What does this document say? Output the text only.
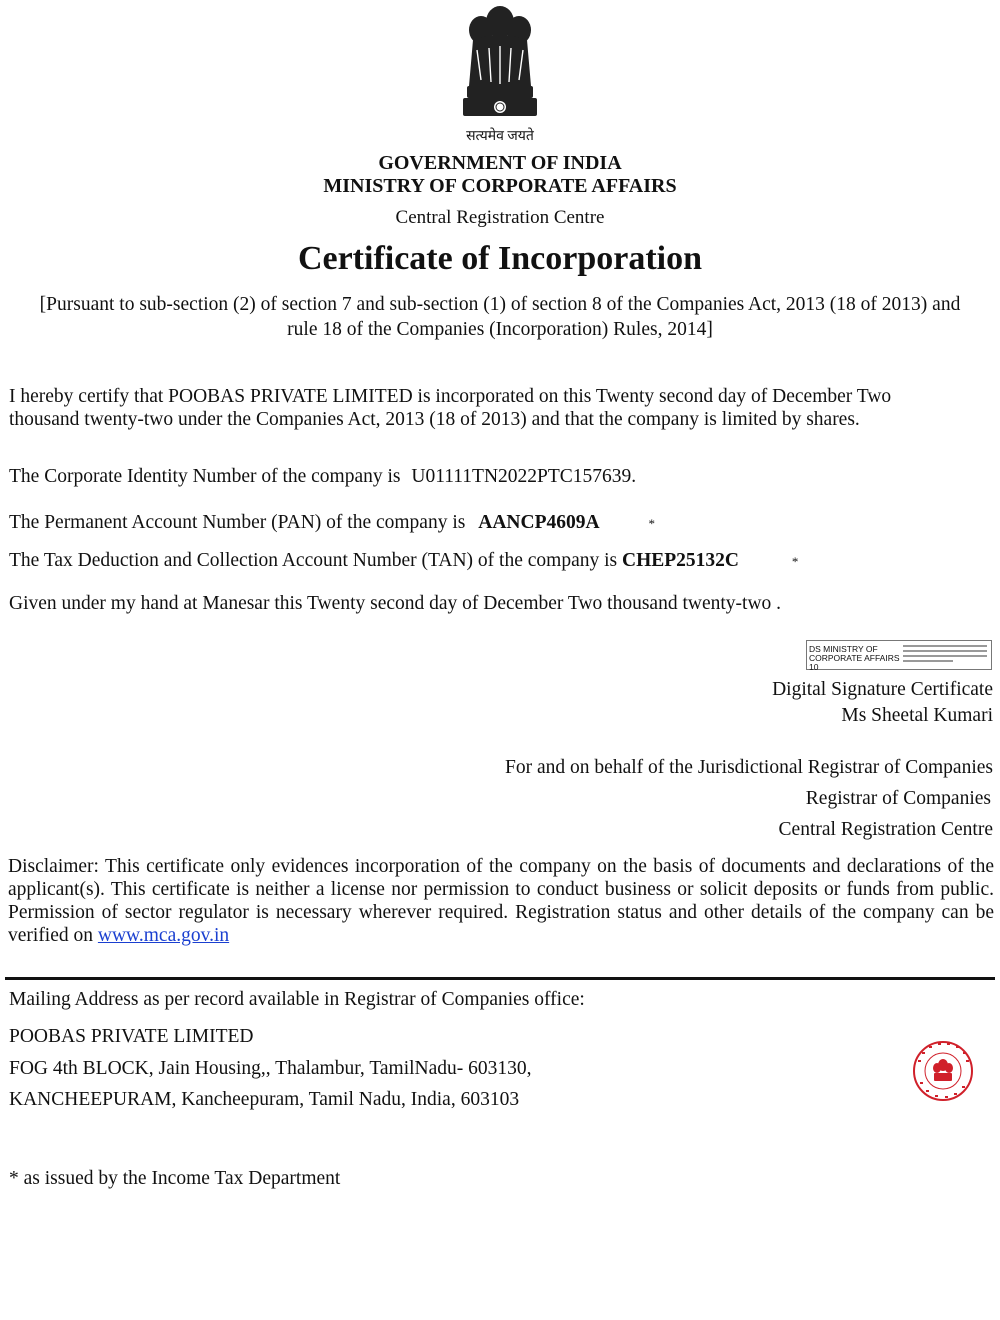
सत्यमेव जयते
GOVERNMENT OF INDIA
MINISTRY OF CORPORATE AFFAIRS
Central Registration Centre
Certificate of Incorporation
[Pursuant to sub-section (2) of section 7 and sub-section (1) of section 8 of the Companies Act, 2013 (18 of 2013) and
rule 18 of the Companies (Incorporation) Rules, 2014]
I hereby certify that POOBAS PRIVATE LIMITED is incorporated on this Twenty second day of December Two
thousand twenty-two under the Companies Act, 2013 (18 of 2013) and that the company is limited by shares.
The Corporate Identity Number of the company is U01111TN2022PTC157639.
The Permanent Account Number (PAN) of the company is AANCP4609A	*
The Tax Deduction and Collection Account Number (TAN) of the company is CHEP25132C	*
Given under my hand at Manesar this Twenty second day of December Two thousand twenty-two .
DS MINISTRY OF
CORPORATE AFFAIRS 10
Digital Signature Certificate
Ms Sheetal Kumari
For and on behalf of the Jurisdictional Registrar of Companies
Registrar of Companies
Central Registration Centre
Disclaimer: This certificate only evidences incorporation of the company on the basis of documents and declarations of the applicant(s). This certificate is neither a license nor permission to conduct business or solicit deposits or funds from public. Permission of sector regulator is necessary wherever required. Registration status and other details of the company can be verified on www.mca.gov.in
Mailing Address as per record available in Registrar of Companies office:
POOBAS PRIVATE LIMITED
FOG 4th BLOCK, Jain Housing,, Thalambur, TamilNadu- 603130,
KANCHEEPURAM, Kancheepuram, Tamil Nadu, India, 603103
* as issued by the Income Tax Department
